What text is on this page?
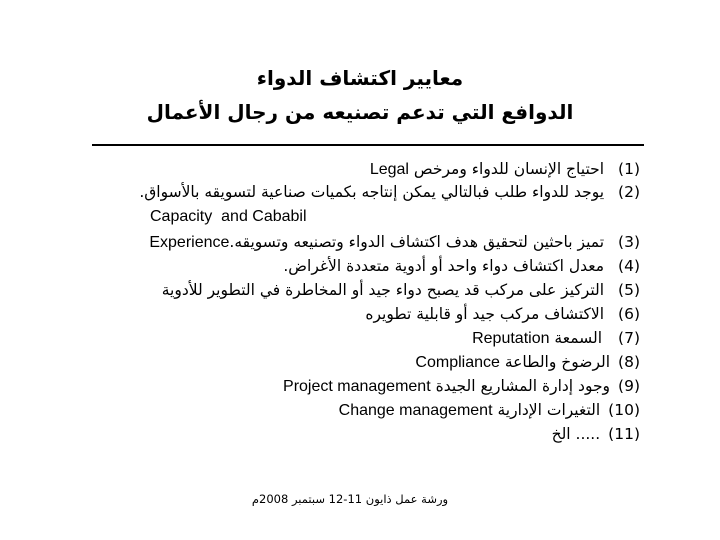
معايير اكتشاف الدواء
الدوافع التي تدعم تصنيعه من رجال الأعمال
(1)احتياج الإنسان للدواء ومرخص Legal
(2)يوجد للدواء طلب فبالتالي يمكن إنتاجه بكميات صناعية لتسويقه بالأسواق.
Capacity  and Cababil
(3)تميز باحثين لتحقيق هدف اكتشاف الدواء وتصنيعه وتسويقه.Experience
(4)معدل اكتشاف دواء واحد أو أدوية متعددة الأغراض.
(5)التركيز على مركب قد يصبح دواء جيد أو المخاطرة في التطوير للأدوية
(6)الاكتشاف مركب جيد أو قابلية تطويره
(7)السمعة Reputation
(8)الرضوخ والطاعة Compliance
(9)وجود إدارة المشاريع الجيدة Project management
(10)التغيرات الإدارية Change management
(11)..... الخ
ورشة عمل ذايون 11-12 سبتمبر 2008م
